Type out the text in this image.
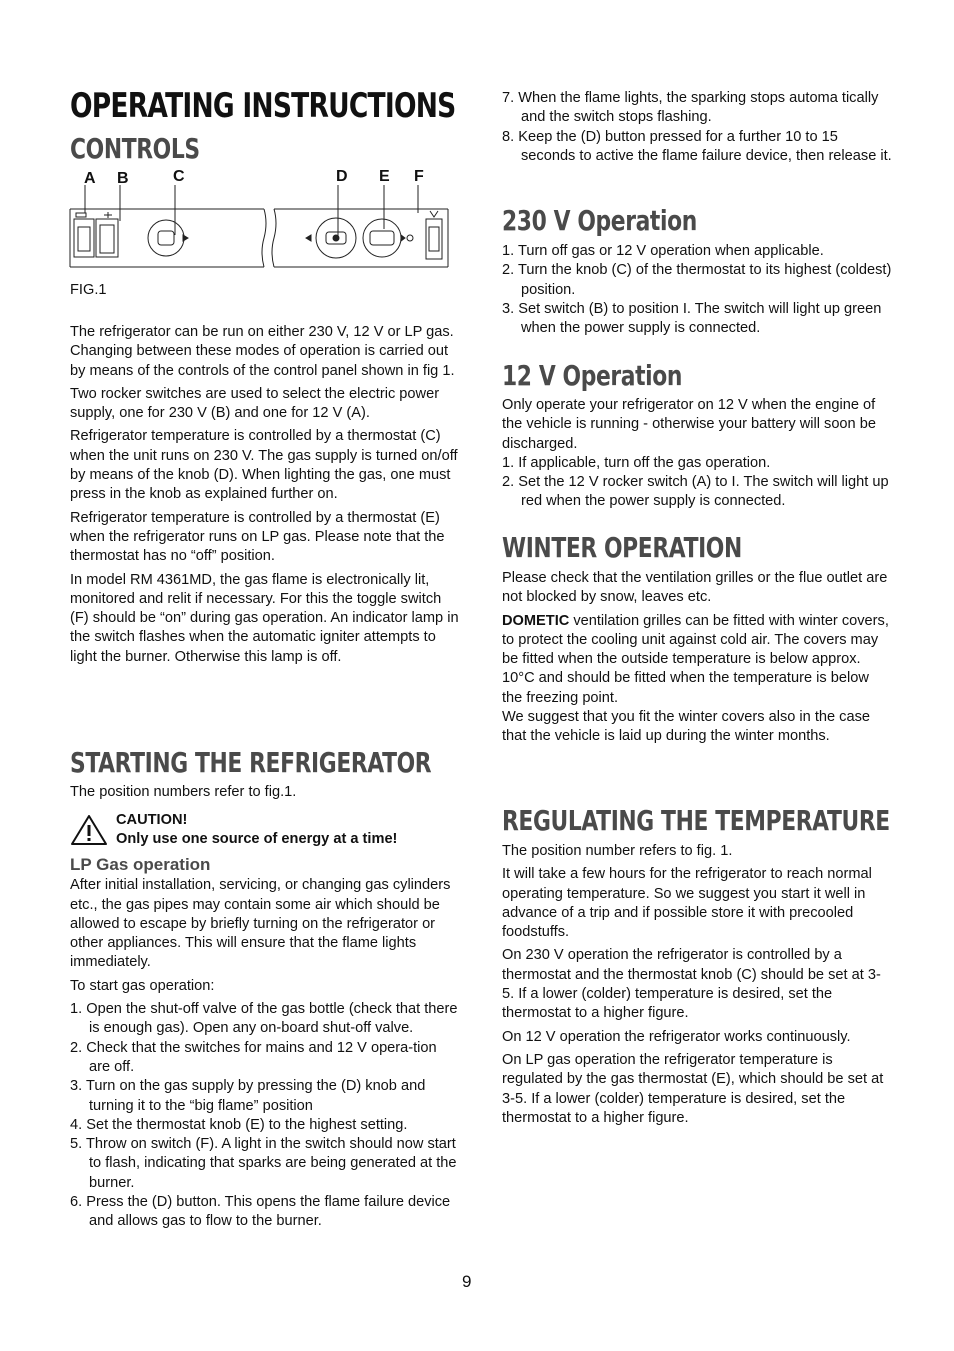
OPERATING INSTRUCTIONS
CONTROLS
A B	C	D E F
FIG.1

The refrigerator can be run on either 230 V, 12 V or LP gas. Changing between these modes of operation is carried out by means of the controls of the control panel shown in fig 1.

Two rocker switches are used to select the electric power supply, one for 230 V (B) and one for 12 V (A).

Refrigerator temperature is controlled by a thermostat (C) when the unit runs on 230 V. The gas supply is turned on/off by means of the knob (D). When lighting the gas, one must press in the knob as explained further on.

Refrigerator temperature is controlled by a thermostat (E) when the refrigerator runs on LP gas. Please note that the thermostat has no “off” position.

In model RM 4361MD, the gas flame is electronically lit, monitored and relit if necessary. For this the toggle switch (F) should be “on” during gas operation. An indicator lamp in the switch flashes when the automatic igniter attempts to light the burner. Otherwise this lamp is off.

STARTING THE REFRIGERATOR

The position numbers refer to fig.1.

CAUTION!
Only use one source of energy at a time!

LP Gas operation

After initial installation, servicing, or changing gas cylinders etc., the gas pipes may contain some air which should be allowed to escape by briefly turning on the refrigerator or other appliances. This will ensure that the flame lights immediately.

To start gas operation:

1. Open the shut-off valve of the gas bottle (check that there is enough gas). Open any on-board shut-off valve.
2. Check that the switches for mains and 12 V opera-tion are off.
3. Turn on the gas supply by pressing the (D) knob and turning it to the “big flame” position
4. Set the thermostat knob (E) to the highest setting.
5. Throw on switch (F). A light in the switch should now start to flash, indicating that sparks are being generated at the burner.
6. Press the (D) button. This opens the flame failure device and allows gas to flow to the burner.
7. When the flame lights, the sparking stops automa tically and the switch stops flashing.
8. Keep the (D) button pressed for a further 10 to 15 seconds to active the flame failure device, then release it.
230 V Operation
1. Turn off gas or 12 V operation when applicable.
2. Turn the knob (C) of the thermostat to its highest (coldest) position.
3. Set switch (B) to position I. The switch will light up green when the power supply is connected.
12 V Operation

Only operate your refrigerator on 12 V when the engine of the vehicle is running - otherwise your battery will soon be discharged.

1. If applicable, turn off the gas operation.
2. Set the 12 V rocker switch (A) to I. The switch will light up red when the power supply is connected.
WINTER OPERATION

Please check that the ventilation grilles or the flue outlet are not blocked by snow, leaves etc.

DOMETIC ventilation grilles can be fitted with winter covers, to protect the cooling unit against cold air. The covers may be fitted when the outside temperature is below approx. 10°C and should be fitted when the temperature is below the freezing point.

We suggest that you fit the winter covers also in the case that the vehicle is laid up during the winter months.

REGULATING THE TEMPERATURE

The position number refers to fig. 1.

It will take a few hours for the refrigerator to reach normal operating temperature. So we suggest you start it well in advance of a trip and if possible store it with precooled foodstuffs.

On 230 V operation the refrigerator is controlled by a thermostat and the thermostat knob (C) should be set at 3-5. If a lower (colder) temperature is desired, set the thermostat to a higher figure.

On 12 V operation the refrigerator works continuously.

On LP gas operation the refrigerator temperature is regulated by the gas thermostat (E), which should be set at 3-5. If a lower (colder) temperature is desired, set the thermostat to a higher figure.

9
